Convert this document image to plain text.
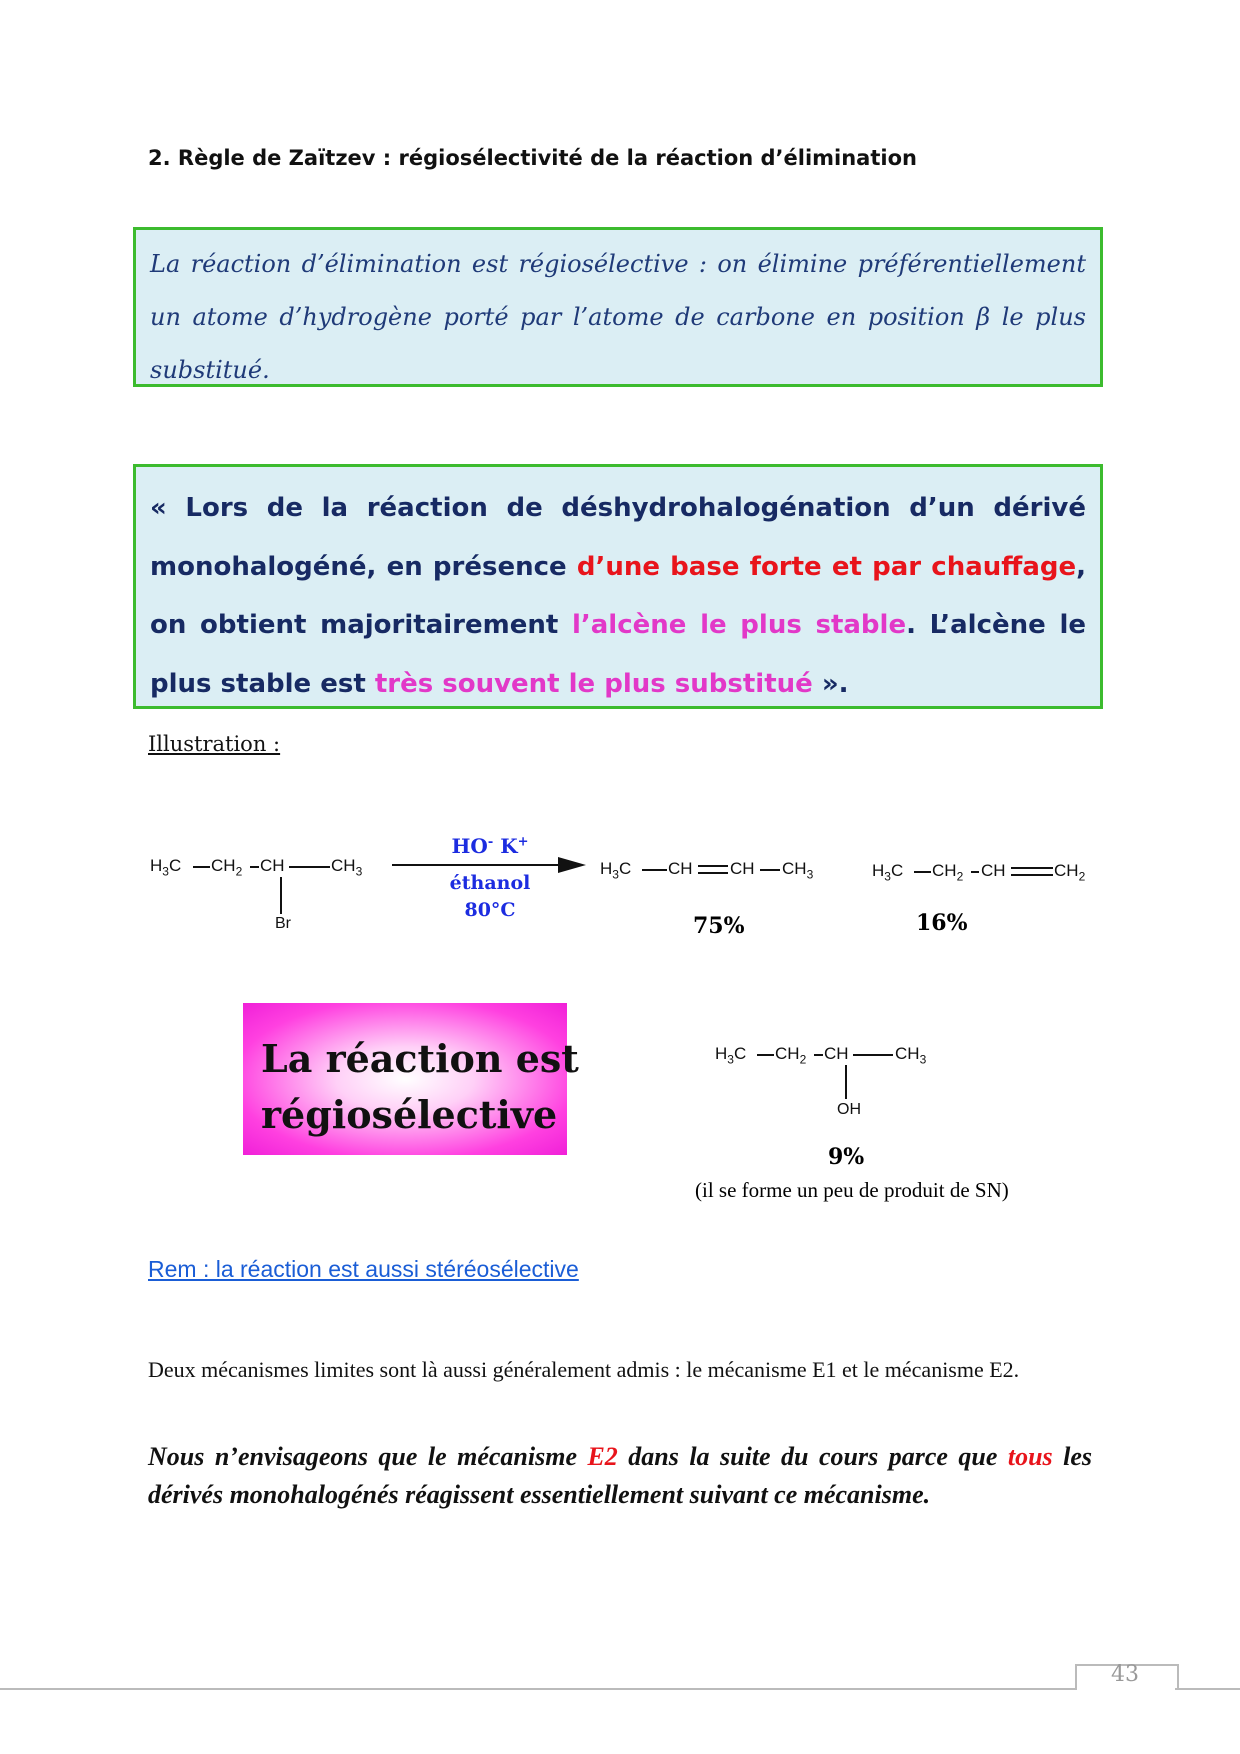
2. Règle de Zaïtzev : régiosélectivité de la réaction d’élimination

La réaction d’élimination est régiosélective : on élimine préférentiellement un atome d’hydrogène porté par l’atome de carbone en position β le plus substitué.

« Lors de la réaction de déshydrohalogénation d’un dérivé monohalogéné, en présence d’une base forte et par chauffage, on obtient majoritairement l’alcène le plus stable. L’alcène le plus stable est très souvent le plus substitué ».

Illustration :
$H_3C$ $CH_2$ CH	$CH_3$
Br
HO- K+
éthanol
80°C
$H_3C$ CH CH $CH_3$
75%
$H_3C$ $CH_2$ CH	$CH_2$
16%
$H_3C$ $CH_2$ CH	$CH_3$
OH
9%
(il se forme un peu de produit de SN)
La réaction est
régiosélective
Rem : la réaction est aussi stéréosélective
Deux mécanismes limites sont là aussi généralement admis : le mécanisme E1 et le mécanisme E2.
Nous n’envisageons que le mécanisme E2 dans la suite du cours parce que tous les dérivés monohalogénés réagissent essentiellement suivant ce mécanisme.
43
